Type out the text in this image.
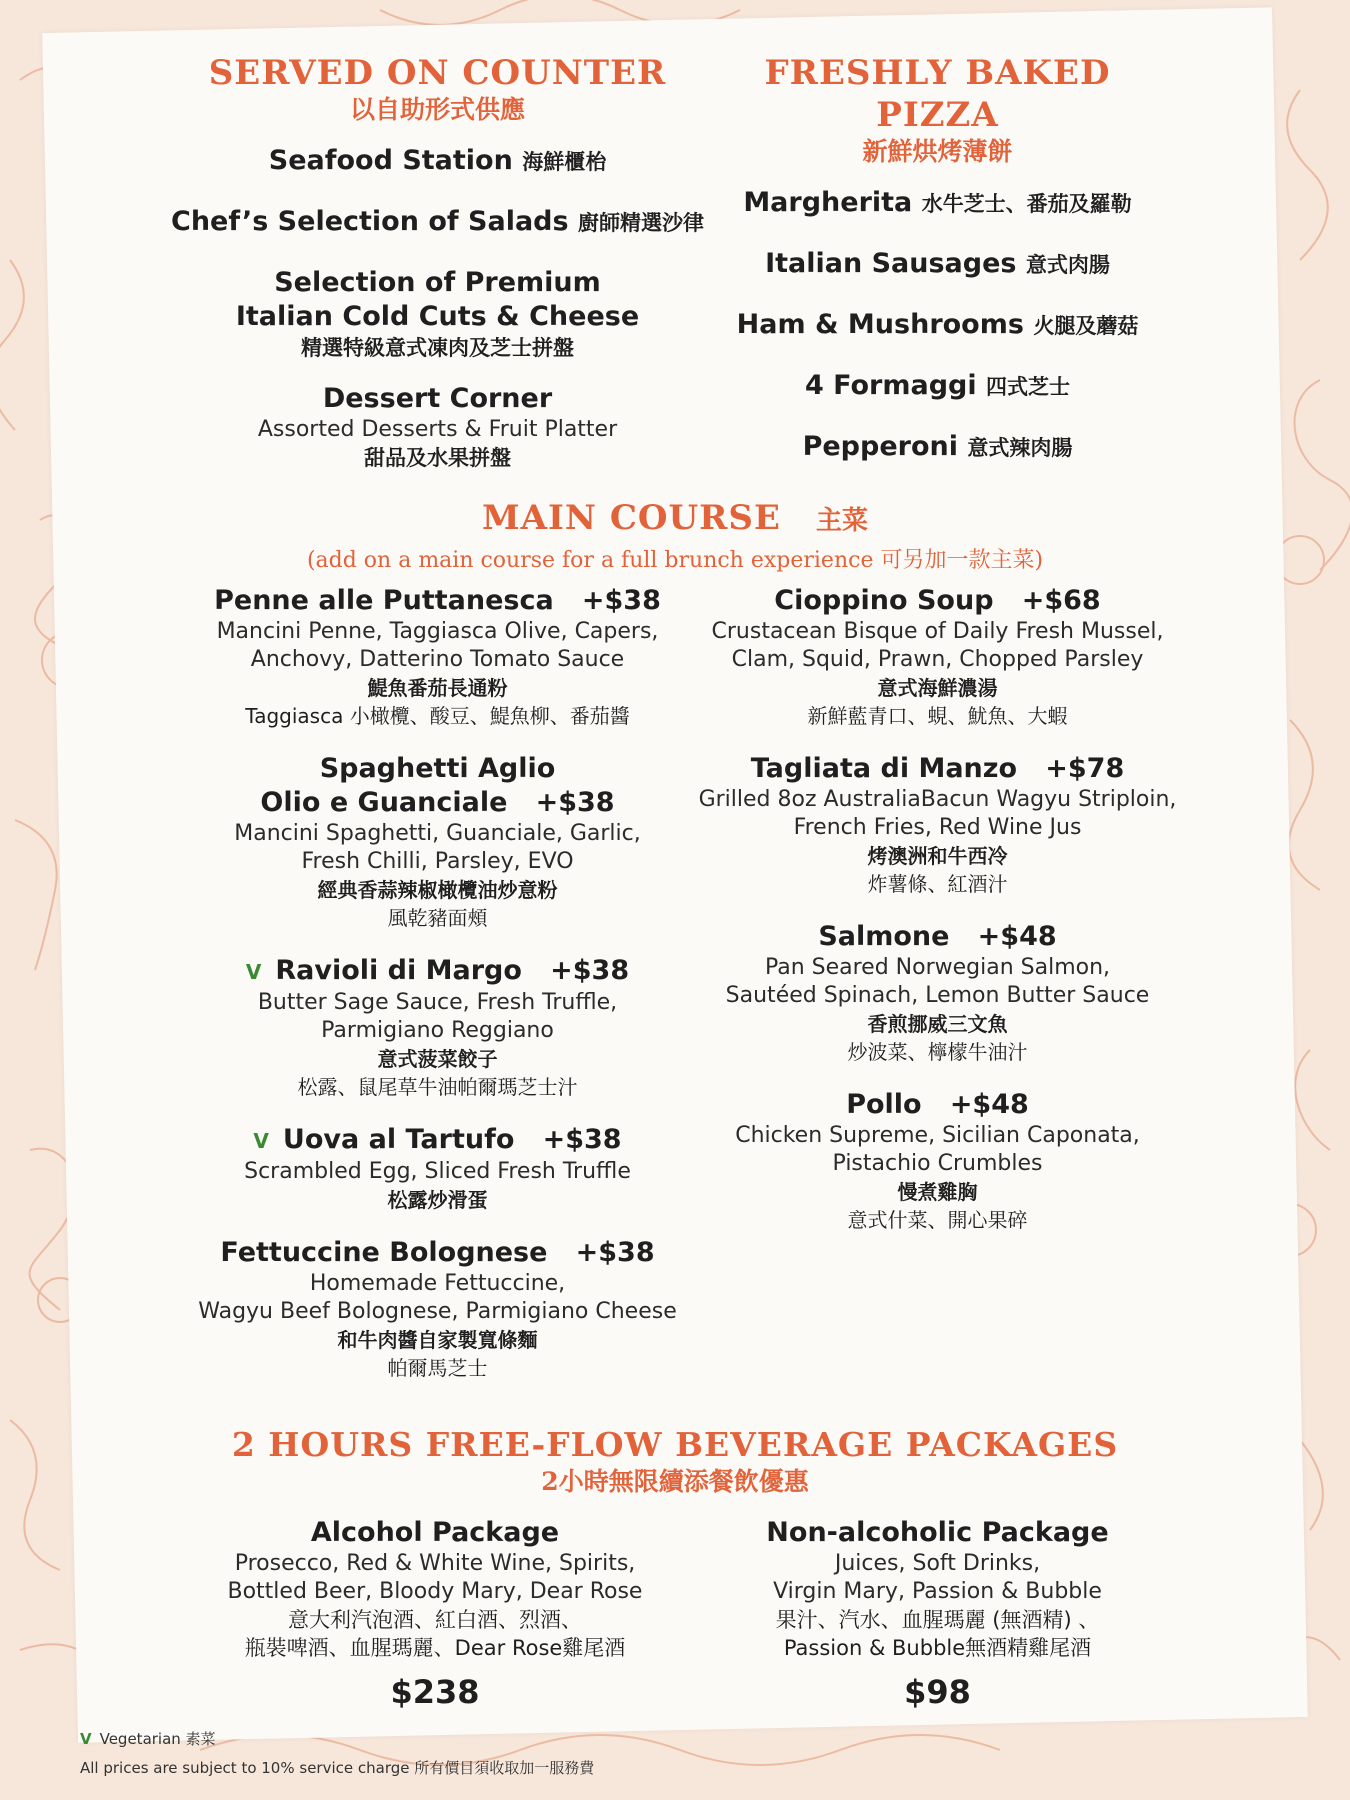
SERVED ON COUNTER
以自助形式供應
Seafood Station 海鮮櫃枱
Chef’s Selection of Salads 廚師精選沙律
Selection of Premium
Italian Cold Cuts & Cheese
精選特級意式凍肉及芝士拼盤
Dessert Corner
Assorted Desserts & Fruit Platter
甜品及水果拼盤
FRESHLY BAKED PIZZA
新鮮烘烤薄餅
Margherita 水牛芝士、番茄及羅勒
Italian Sausages 意式肉腸
Ham & Mushrooms 火腿及蘑菇
4 Formaggi 四式芝士
Pepperoni 意式辣肉腸
MAIN COURSE 主菜
(add on a main course for a full brunch experience 可另加一款主菜)
Penne alle Puttanesca +$38
Mancini Penne, Taggiasca Olive, Capers,
Anchovy, Datterino Tomato Sauce
鯷魚番茄長通粉
Taggiasca 小橄欖、酸豆、鯷魚柳、番茄醬
Spaghetti Aglio
Olio e Guanciale +$38
Mancini Spaghetti, Guanciale, Garlic,
Fresh Chilli, Parsley, EVO
經典香蒜辣椒橄欖油炒意粉
風乾豬面頰
V Ravioli di Margo +$38
Butter Sage Sauce, Fresh Truffle,
Parmigiano Reggiano
意式菠菜餃子
松露、鼠尾草牛油帕爾瑪芝士汁
V Uova al Tartufo +$38
Scrambled Egg, Sliced Fresh Truffle
松露炒滑蛋
Fettuccine Bolognese +$38
Homemade Fettuccine,
Wagyu Beef Bolognese, Parmigiano Cheese
和牛肉醬自家製寬條麵
帕爾馬芝士
Cioppino Soup +$68
Crustacean Bisque of Daily Fresh Mussel,
Clam, Squid, Prawn, Chopped Parsley
意式海鮮濃湯
新鮮藍青口、蜆、魷魚、大蝦
Tagliata di Manzo +$78
Grilled 8oz AustraliaBacun Wagyu Striploin,
French Fries, Red Wine Jus
烤澳洲和牛西冷
炸薯條、紅酒汁
Salmone +$48
Pan Seared Norwegian Salmon,
Sautéed Spinach, Lemon Butter Sauce
香煎挪威三文魚
炒波菜、檸檬牛油汁
Pollo +$48
Chicken Supreme, Sicilian Caponata,
Pistachio Crumbles
慢煮雞胸
意式什菜、開心果碎
2 HOURS FREE-FLOW BEVERAGE PACKAGES
2小時無限續添餐飲優惠
Alcohol Package
Prosecco, Red & White Wine, Spirits,
Bottled Beer, Bloody Mary, Dear Rose
意大利汽泡酒、紅白酒、烈酒、
瓶裝啤酒、血腥瑪麗、Dear Rose雞尾酒
$238
Non-alcoholic Package
Juices, Soft Drinks,
Virgin Mary, Passion & Bubble
果汁、汽水、血腥瑪麗 (無酒精) 、
Passion & Bubble無酒精雞尾酒
$98
V Vegetarian 素菜
All prices are subject to 10% service charge 所有價目須收取加一服務費
